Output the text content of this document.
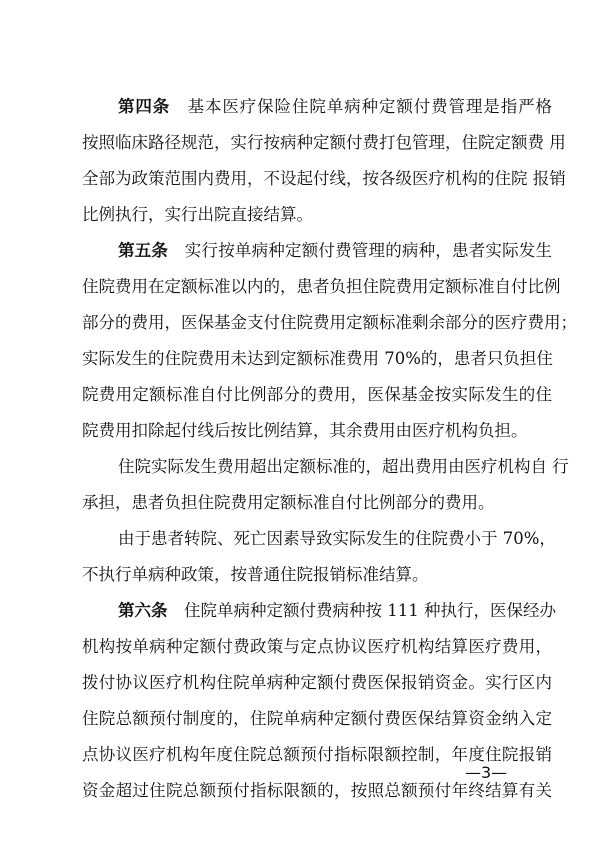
第四条  基本医疗保险住院单病种定额付费管理是指严格
按照临床路径规范，实行按病种定额付费打包管理，住院定额费 用
全部为政策范围内费用，不设起付线，按各级医疗机构的住院 报销
比例执行，实行出院直接结算。
第五条  实行按单病种定额付费管理的病种，患者实际发生
住院费用在定额标准以内的，患者负担住院费用定额标准自付比例
部分的费用，医保基金支付住院费用定额标准剩余部分的医疗费用；
实际发生的住院费用未达到定额标准费用 70%的，患者只负担住
院费用定额标准自付比例部分的费用，医保基金按实际发生的住
院费用扣除起付线后按比例结算，其余费用由医疗机构负担。
住院实际发生费用超出定额标准的，超出费用由医疗机构自 行
承担，患者负担住院费用定额标准自付比例部分的费用。
由于患者转院、死亡因素导致实际发生的住院费小于 70%，
不执行单病种政策，按普通住院报销标准结算。
第六条  住院单病种定额付费病种按 111 种执行，医保经办
机构按单病种定额付费政策与定点协议医疗机构结算医疗费用，
拨付协议医疗机构住院单病种定额付费医保报销资金。实行区内
住院总额预付制度的，住院单病种定额付费医保结算资金纳入定
点协议医疗机构年度住院总额预付指标限额控制，年度住院报销
资金超过住院总额预付指标限额的，按照总额预付年终结算有关
—3—
